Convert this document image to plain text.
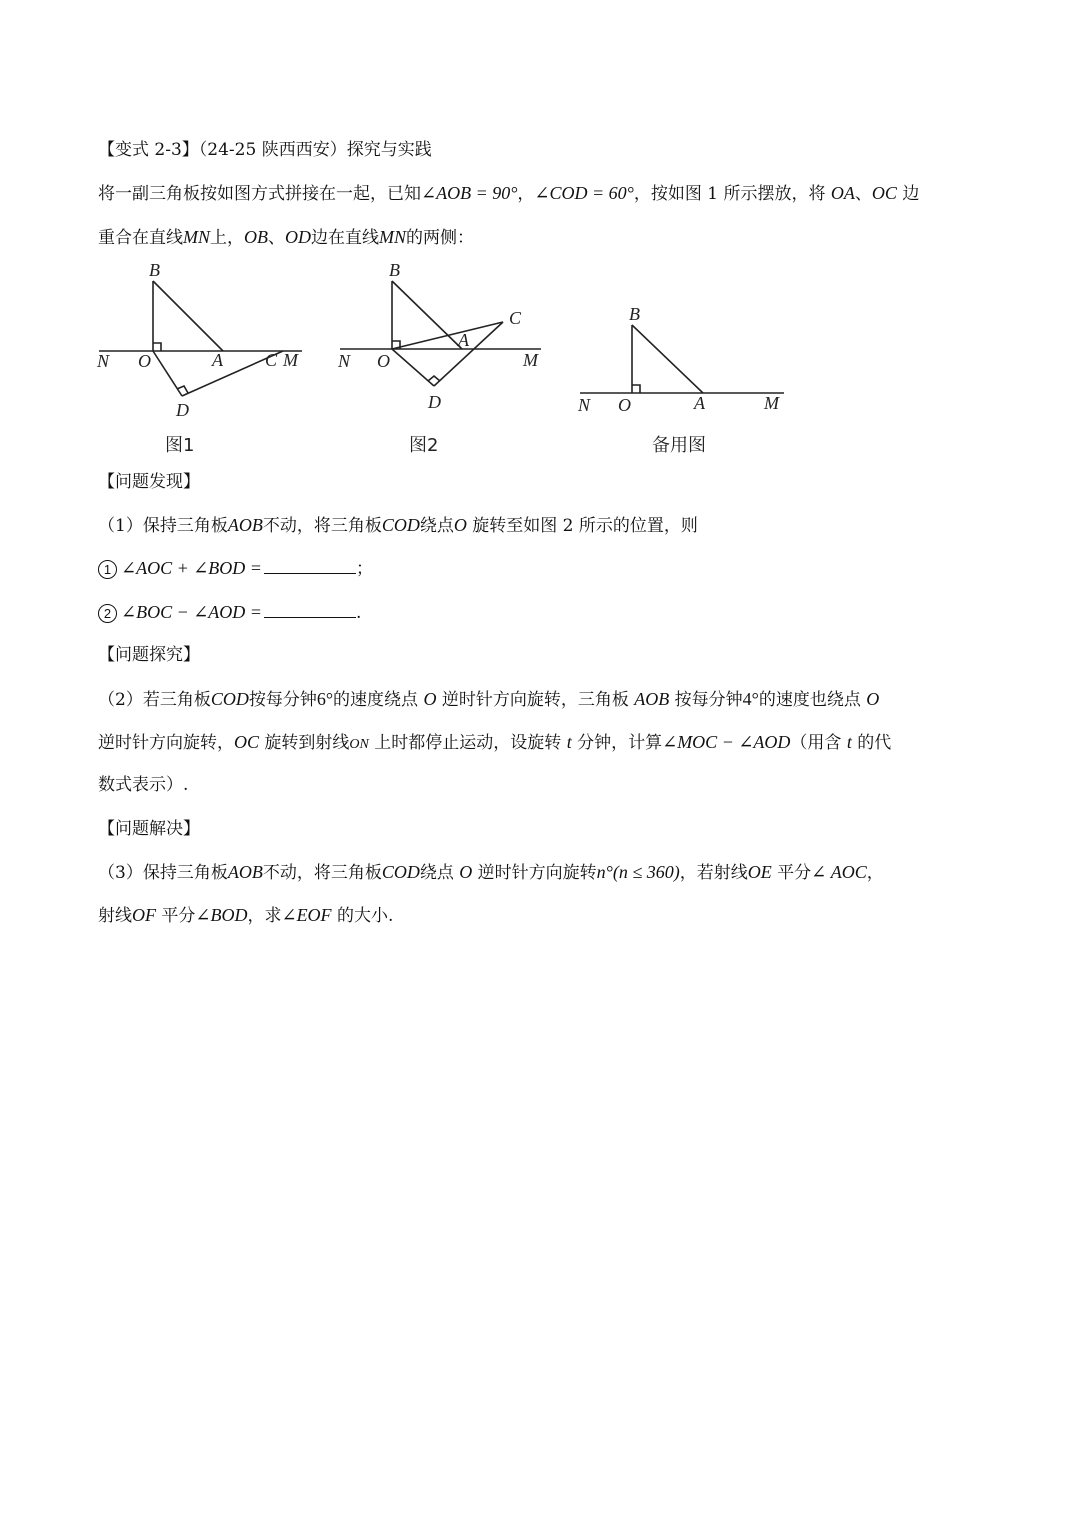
【变式 2-3】（24-25 陕西西安）探究与实践
将一副三角板按如图方式拼接在一起，已知∠AOB = 90°，∠COD = 60°，按如图 1 所示摆放，将 OA、OC 边
重合在直线MN上，OB、OD边在直线MN的两侧：
B
N O	A C M
D
图1
B
C
A
N O	M
D
图2
B
N O	A	M
备用图
【问题发现】
（1）保持三角板AOB不动，将三角板COD绕点O 旋转至如图 2 所示的位置，则
1 ∠AOC + ∠BOD =	；
2 ∠BOC − ∠AOD =	.
【问题探究】
（2）若三角板COD按每分钟6°的速度绕点 O 逆时针方向旋转，三角板 AOB 按每分钟4°的速度也绕点 O
逆时针方向旋转，OC 旋转到射线ON 上时都停止运动，设旋转 t 分钟，计算∠MOC − ∠AOD（用含 t 的代
数式表示）.
【问题解决】
（3）保持三角板AOB不动，将三角板COD绕点 O 逆时针方向旋转n°(n ≤ 360)，若射线OE 平分∠ AOC，
射线OF 平分∠BOD，求∠EOF 的大小.
